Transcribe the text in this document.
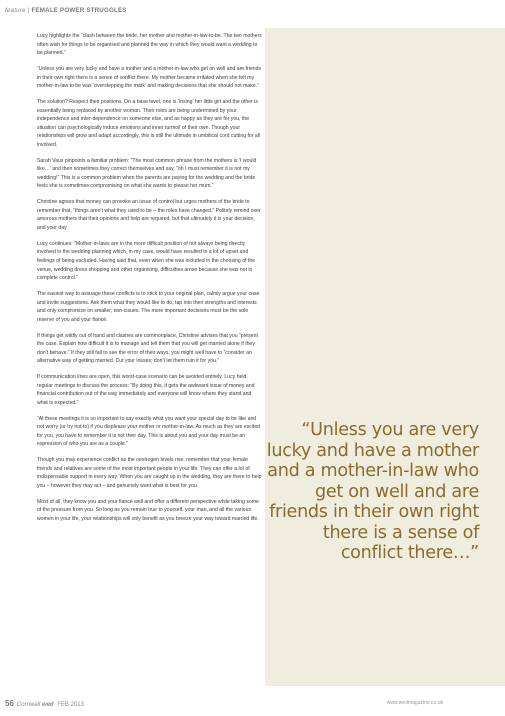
feature | FEMALE POWER STRUGGLES

Lucy highlights the “clash between the bride, her mother and mother-in-law-to-be. The two mothers often wish for things to be organised and planned the way in which they would want a wedding to be planned.”

“Unless you are very lucky and have a mother and a mother-in-law who get on well and are friends in their own right there is a sense of conflict there. My mother became irritated when she felt my mother-in-law to be was ‘overstepping the mark’ and making decisions that she should not make.”

The solution? Respect their positions. On a base level, one is ‘losing’ her little girl and the other is essentially being replaced by another woman. Their roles are being undermined by your independence and inter-dependence on someone else, and as happy as they are for you, the situation can psychologically induce emotions and inner turmoil of their own. Though your relationships will grow and adapt accordingly, this is still the ultimate in umbilical cord cutting for all involved.

Sarah Vaux pinpoints a familiar problem: “The most common phrase from the mothers is ‘I would like…’ and then sometimes they correct themselves and say, “oh I must remember it is not my wedding!” This is a common problem when the parents are paying for the wedding and the bride feels she is sometimes compromising on what she wants to please her mum.”

Christine agrees that money can provoke an issue of control but urges mothers of the bride to remember that, “things aren’t what they used to be – the roles have changed.” Politely remind over amorous mothers that their opinions and help are required, but that ultimately it is your decision, and your day.

Lucy continues: “Mother-in-laws are in the more difficult position of not always being directly involved in the wedding planning which, in my case, would have resulted in a lot of upset and feelings of being excluded. Having said that, even when she was included in the choosing of the venue, wedding dress shopping and other organising, difficulties arose because she was not in complete control.”

The easiest way to assuage these conflicts is to stick to your original plan, calmly argue your case and invite suggestions. Ask them what they would like to do, tap into their strengths and interests and only compromise on smaller, non-issues. The more important decisions must be the sole reserve of you and your fiancé.

If things get wildly out of hand and clashes are commonplace, Christine advises that you “present the case. Explain how difficult it is to manage and tell them that you will get married alone if they don’t behave.” If they still fail to see the error of their ways, you might well have to “consider an alternative way of getting married. Cut your losses; don’t let them ruin it for you.”

If communication lines are open, this worst-case scenario can be avoided entirely. Lucy held regular meetings to discuss the process: “By doing this, it gets the awkward issue of money and financial contribution out of the way immediately and everyone will know where they stand and what is expected.”

“At these meetings it is so important to say exactly what you want your special day to be like and not worry (or try not to) if you displease your mother or mother-in-law. As much as they are excited for you, you have to remember it is not their day. This is about you and your day must be an expression of who you are as a couple.”

Though you may experience conflict as the oestrogen levels rise, remember that your female friends and relatives are some of the most important people in your life. They can offer a lot of indispensable support in every way. When you are caught up in the wedding, they are there to help you – however they may act – and genuinely want what is best for you.

Most of all, they know you and your fiancé well and offer a different perspective while taking some of the pressure from you. So long as you remain true to yourself, your man, and all the various women in your life, your relationships will only benefit as you breeze your way toward married life.

“Unless you are very lucky and have a mother and a mother-in-law who get on well and are friends in their own right there is a sense of conflict there…”
56 Cornwall wed FEB 2013	www.wedmagazine.co.uk
